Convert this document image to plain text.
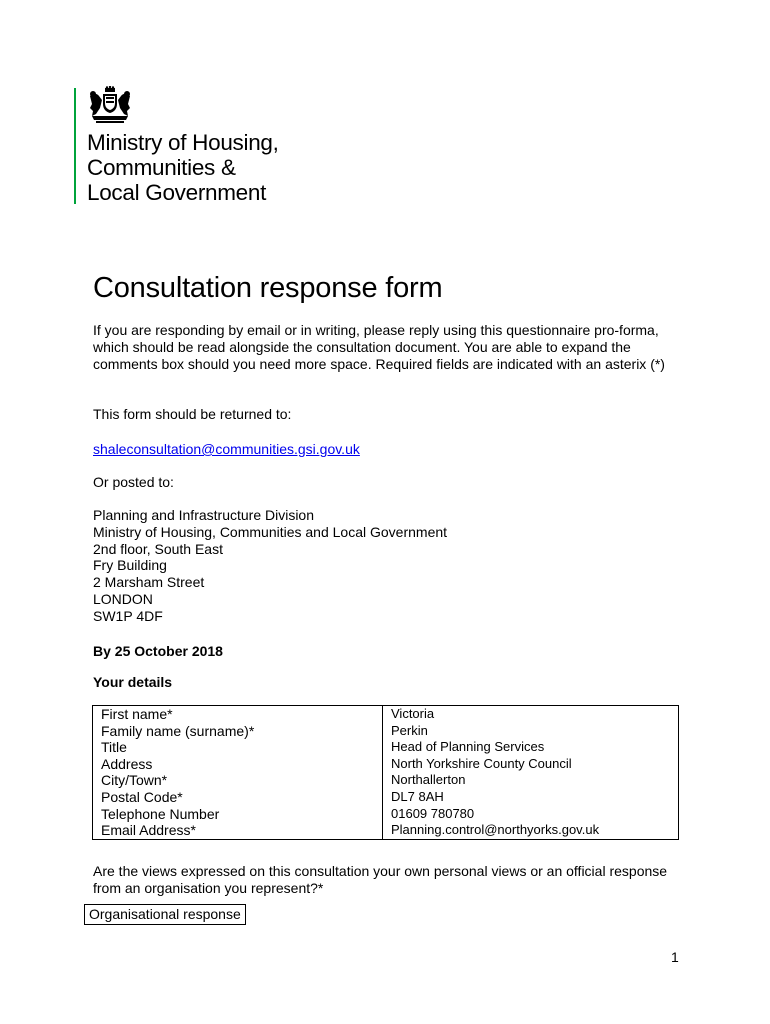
Ministry of Housing,
Communities &
Local Government
Consultation response form
If you are responding by email or in writing, please reply using this questionnaire pro-forma, which should be read alongside the consultation document. You are able to expand the comments box should you need more space. Required fields are indicated with an asterix (*)
This form should be returned to:
shaleconsultation@communities.gsi.gov.uk
Or posted to:
Planning and Infrastructure Division
Ministry of Housing, Communities and Local Government
2nd floor, South East
Fry Building
2 Marsham Street
LONDON
SW1P 4DF
By 25 October 2018
Your details
First name*	Victoria
Family name (surname)*	Perkin
Title	Head of Planning Services
Address	North Yorkshire County Council
City/Town*	Northallerton
Postal Code*	DL7 8AH
Telephone Number	01609 780780
Email Address*	Planning.control@northyorks.gov.uk
Are the views expressed on this consultation your own personal views or an official response from an organisation you represent?*
Organisational response
1
